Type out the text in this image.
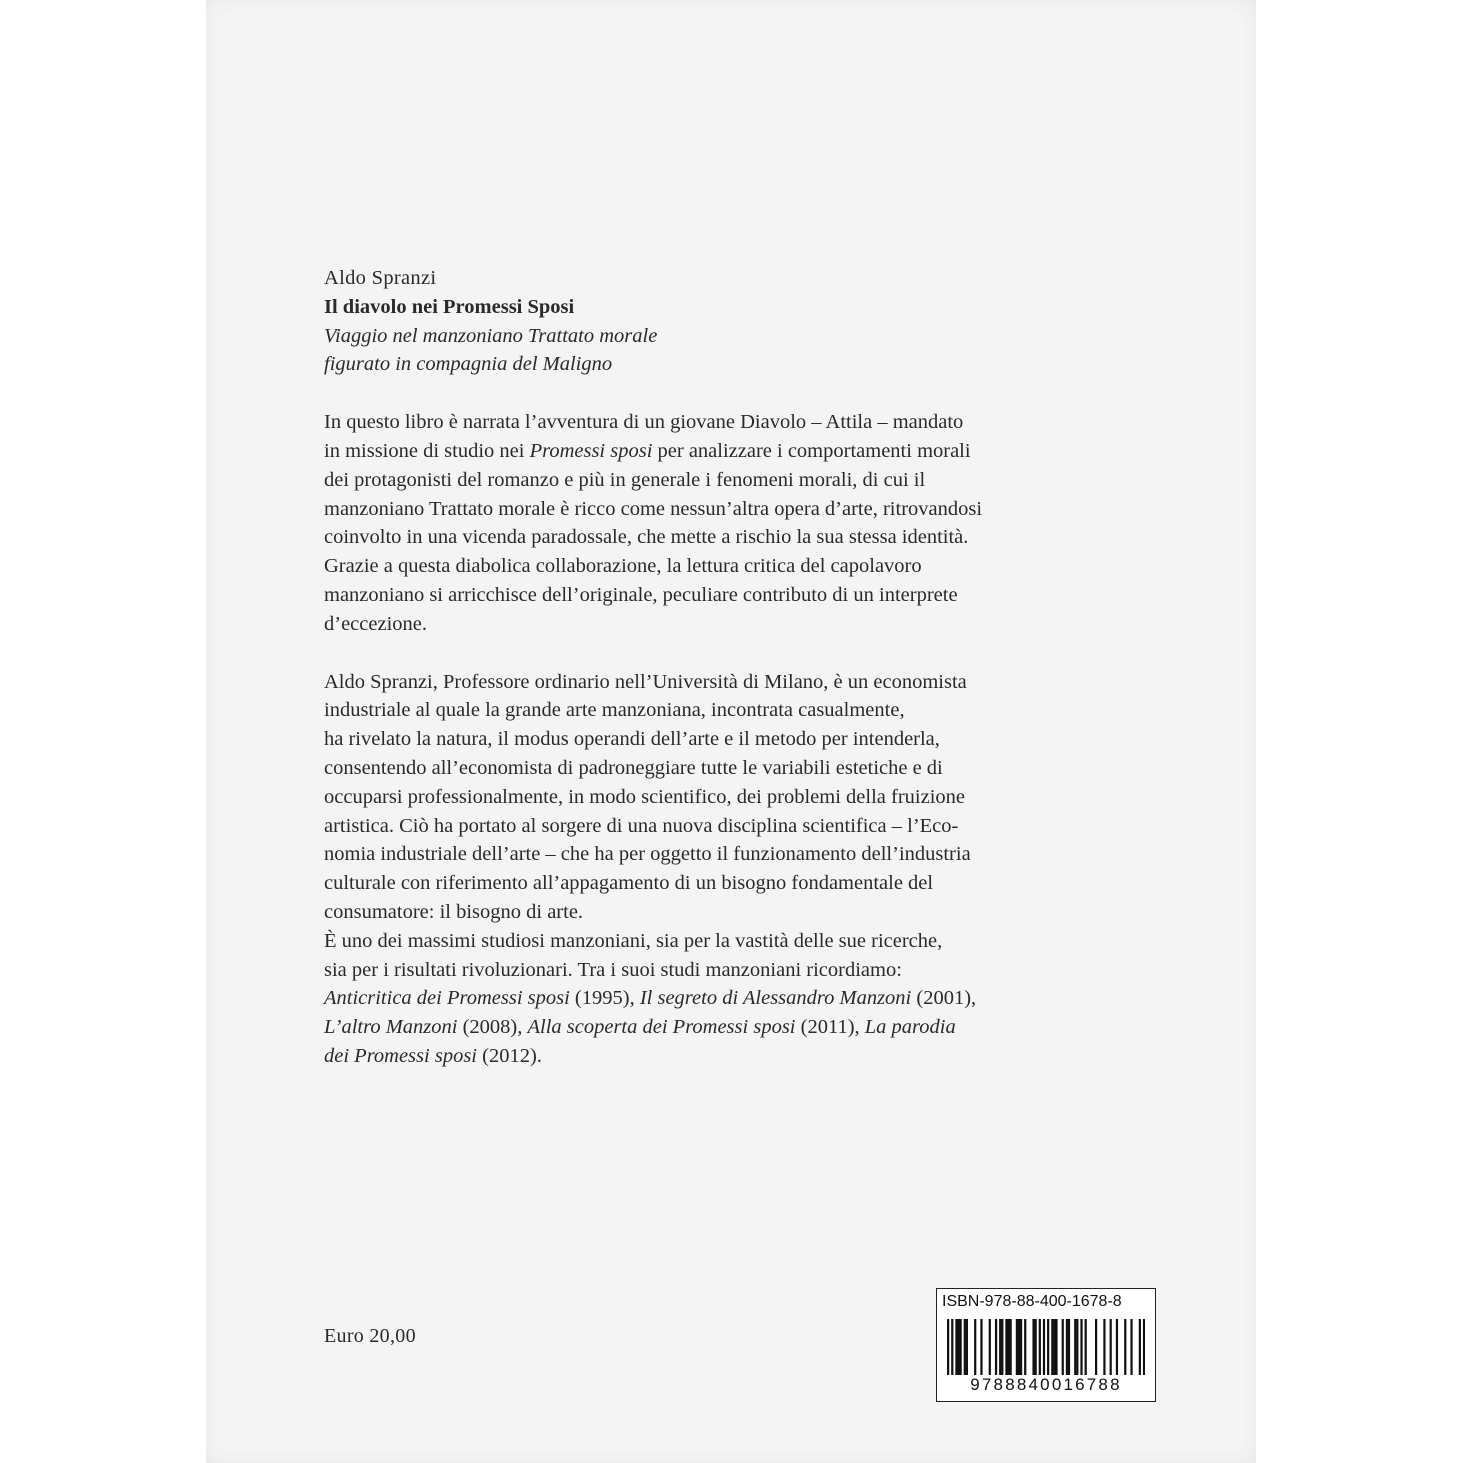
Aldo Spranzi

Il diavolo nei Promessi Sposi

Viaggio nel manzoniano Trattato morale

figurato in compagnia del Maligno

In questo libro è narrata l’avventura di un giovane Diavolo – Attila – mandato
in missione di studio nei Promessi sposi per analizzare i comportamenti morali
dei protagonisti del romanzo e più in generale i fenomeni morali, di cui il
manzoniano Trattato morale è ricco come nessun’altra opera d’arte, ritrovandosi
coinvolto in una vicenda paradossale, che mette a rischio la sua stessa identità.
Grazie a questa diabolica collaborazione, la lettura critica del capolavoro
manzoniano si arricchisce dell’originale, peculiare contributo di un interprete
d’eccezione.

Aldo Spranzi, Professore ordinario nell’Università di Milano, è un economista
industriale al quale la grande arte manzoniana, incontrata casualmente,
ha rivelato la natura, il modus operandi dell’arte e il metodo per intenderla,
consentendo all’economista di padroneggiare tutte le variabili estetiche e di
occuparsi professionalmente, in modo scientifico, dei problemi della fruizione
artistica. Ciò ha portato al sorgere di una nuova disciplina scientifica – l’Eco-
nomia industriale dell’arte – che ha per oggetto il funzionamento dell’industria
culturale con riferimento all’appagamento di un bisogno fondamentale del
consumatore: il bisogno di arte.

È uno dei massimi studiosi manzoniani, sia per la vastità delle sue ricerche,
sia per i risultati rivoluzionari. Tra i suoi studi manzoniani ricordiamo:
Anticritica dei Promessi sposi (1995), Il segreto di Alessandro Manzoni (2001),
L’altro Manzoni (2008), Alla scoperta dei Promessi sposi (2011), La parodia
dei Promessi sposi (2012).

Euro 20,00
ISBN-978-88-400-1678-8
9788840016788
